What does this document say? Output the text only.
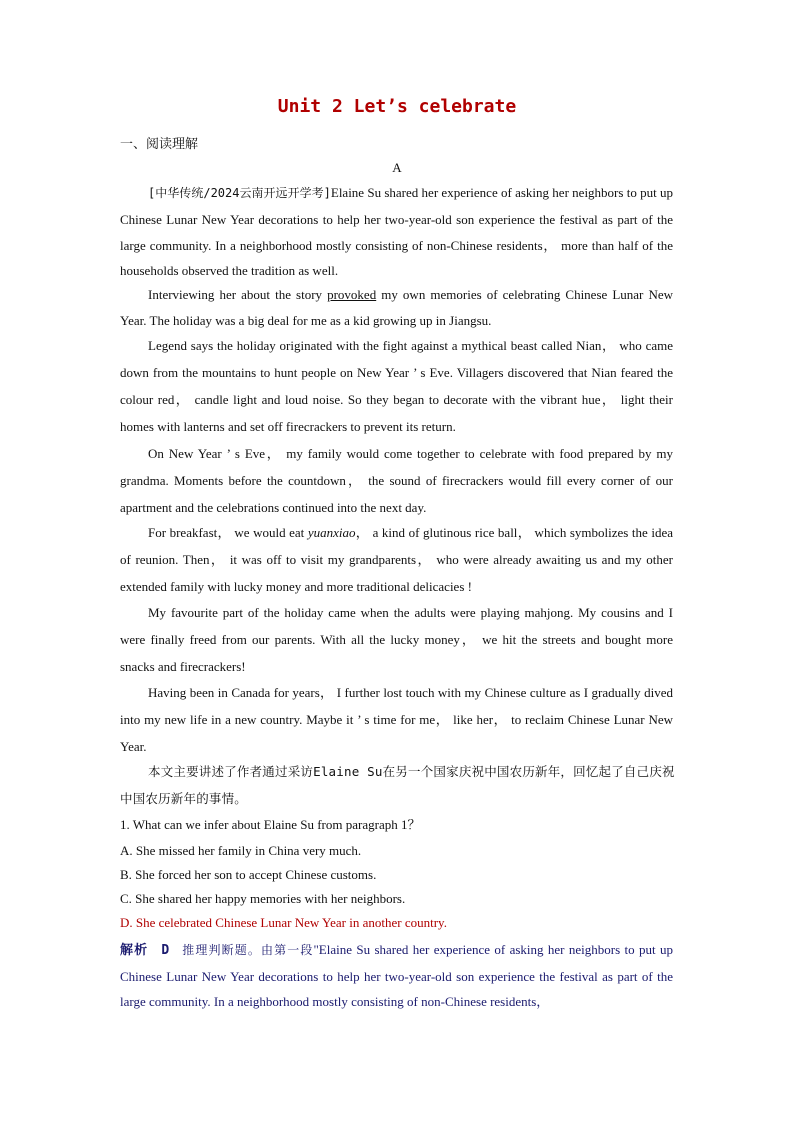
Unit 2 Let’s celebrate
一、阅读理解
A

[中华传统/2024云南开远开学考]Elaine Su shared her experience of asking her neighbors to put up Chinese Lunar New Year decorations to help her two-year-old son experience the festival as part of the large community. In a neighborhood mostly consisting of non-Chinese residents， more than half of the households observed the tradition as well.

Interviewing her about the story provoked my own memories of celebrating Chinese Lunar New Year. The holiday was a big deal for me as a kid growing up in Jiangsu.

Legend says the holiday originated with the fight against a mythical beast called Nian， who came down from the mountains to hunt people on New Year ’ s Eve. Villagers discovered that Nian feared the colour red， candle light and loud noise. So they began to decorate with the vibrant hue， light their homes with lanterns and set off firecrackers to prevent its return.

On New Year ’ s Eve， my family would come together to celebrate with food prepared by my grandma. Moments before the countdown， the sound of firecrackers would fill every corner of our apartment and the celebrations continued into the next day.

For breakfast， we would eat yuanxiao， a kind of glutinous rice ball， which symbolizes the idea of reunion. Then， it was off to visit my grandparents， who were already awaiting us and my other extended family with lucky money and more traditional delicacies !

My favourite part of the holiday came when the adults were playing mahjong. My cousins and I were finally freed from our parents. With all the lucky money， we hit the streets and bought more snacks and firecrackers!

Having been in Canada for years， I further lost touch with my Chinese culture as I gradually dived into my new life in a new country. Maybe it ’ s time for me， like her， to reclaim Chinese Lunar New Year.

本文主要讲述了作者通过采访Elaine Su在另一个国家庆祝中国农历新年，回忆起了自己庆祝中国农历新年的事情。

1. What can we infer about Elaine Su from paragraph 1？

A. She missed her family in China very much.

B. She forced her son to accept Chinese customs.

C. She shared her happy memories with her neighbors.

D. She celebrated Chinese Lunar New Year in another country.

解析 D 推理判断题。由第一段"Elaine Su shared her experience of asking her neighbors to put up Chinese Lunar New Year decorations to help her two-year-old son experience the festival as part of the large community. In a neighborhood mostly consisting of non-Chinese residents，
